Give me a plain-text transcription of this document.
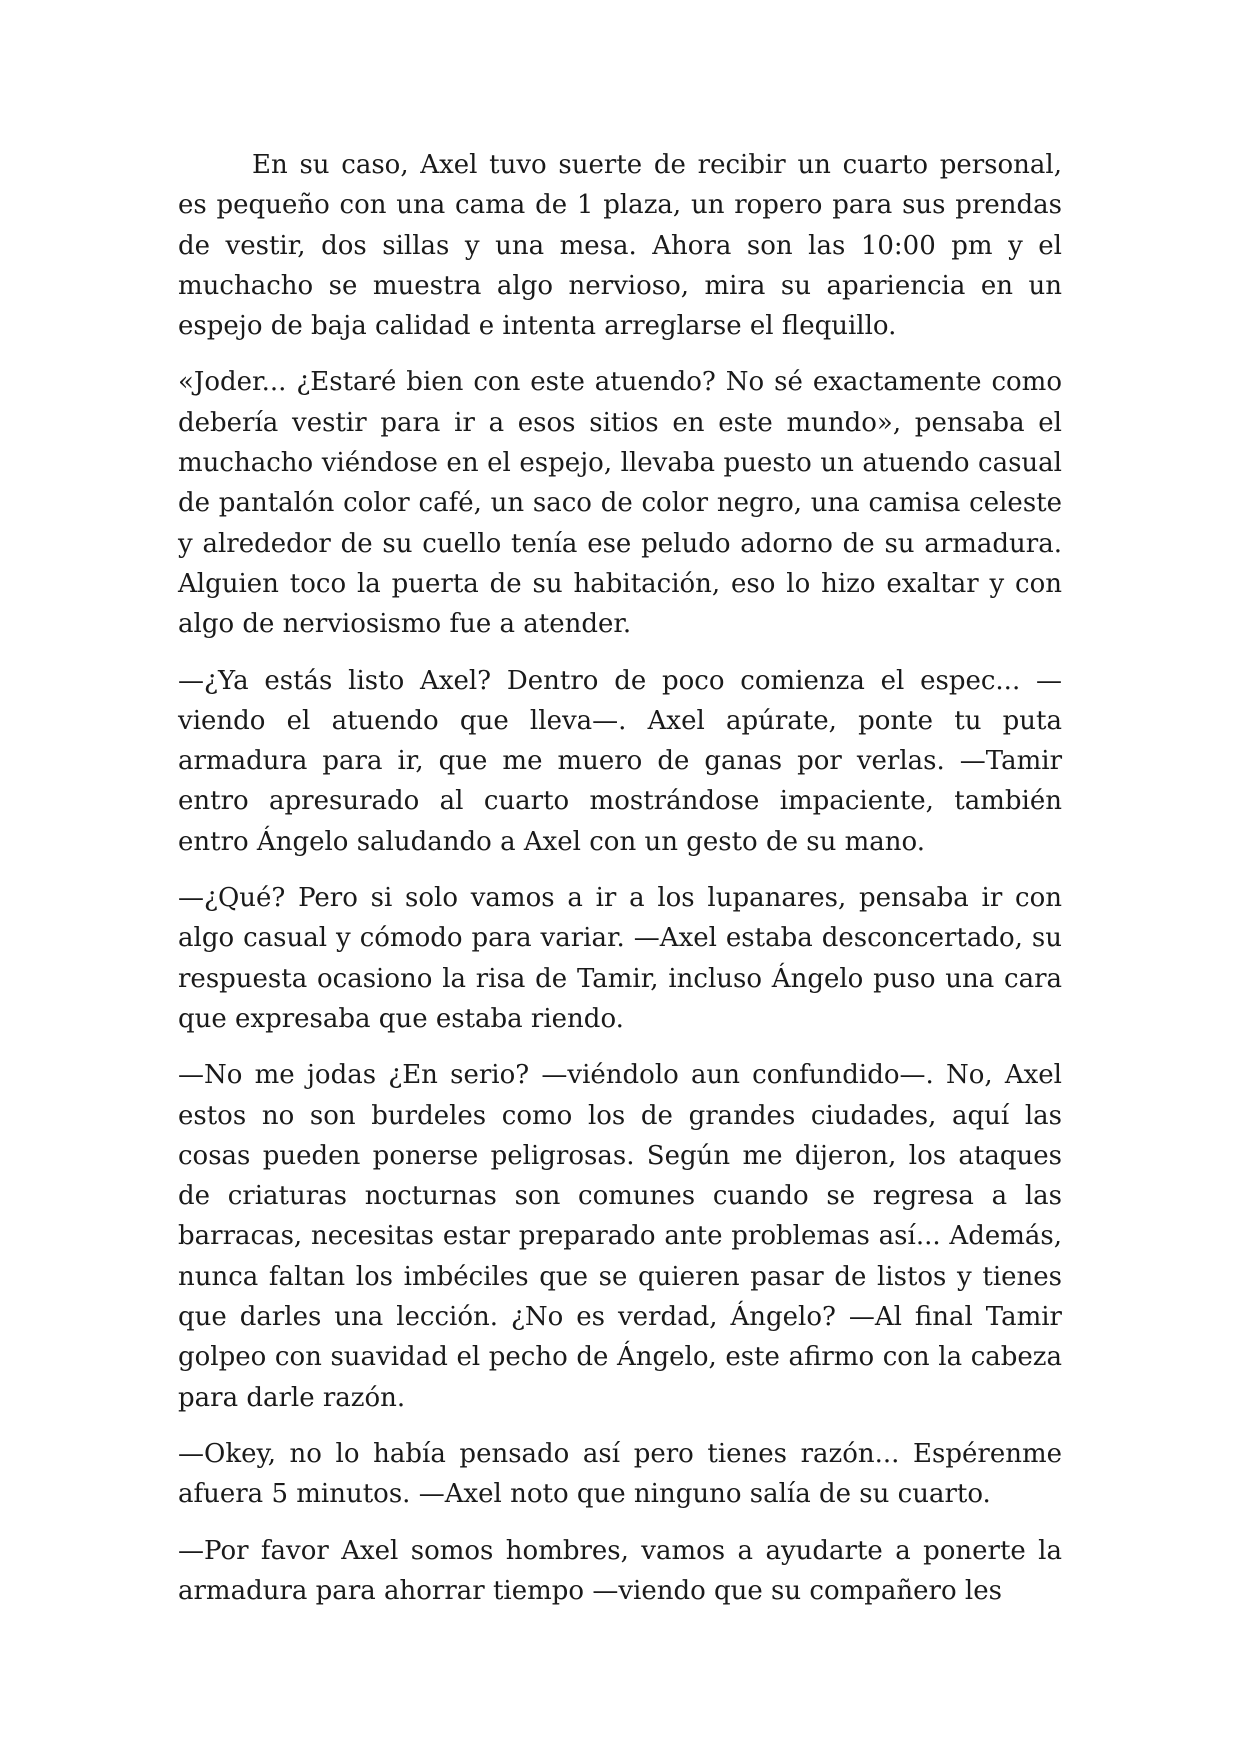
En su caso, Axel tuvo suerte de recibir un cuarto personal, es pequeño con una cama de 1 plaza, un ropero para sus prendas de vestir, dos sillas y una mesa. Ahora son las 10:00 pm y el muchacho se muestra algo nervioso, mira su apariencia en un espejo de baja calidad e intenta arreglarse el flequillo.

«Joder... ¿Estaré bien con este atuendo? No sé exactamente como debería vestir para ir a esos sitios en este mundo», pensaba el muchacho viéndose en el espejo, llevaba puesto un atuendo casual de pantalón color café, un saco de color negro, una camisa celeste y alrededor de su cuello tenía ese peludo adorno de su armadura. Alguien toco la puerta de su habitación, eso lo hizo exaltar y con algo de nerviosismo fue a atender.

—¿Ya estás listo Axel? Dentro de poco comienza el espec... —viendo el atuendo que lleva—. Axel apúrate, ponte tu puta armadura para ir, que me muero de ganas por verlas. —Tamir entro apresurado al cuarto mostrándose impaciente, también entro Ángelo saludando a Axel con un gesto de su mano.

—¿Qué? Pero si solo vamos a ir a los lupanares, pensaba ir con algo casual y cómodo para variar. —Axel estaba desconcertado, su respuesta ocasiono la risa de Tamir, incluso Ángelo puso una cara que expresaba que estaba riendo.

—No me jodas ¿En serio? —viéndolo aun confundido—. No, Axel estos no son burdeles como los de grandes ciudades, aquí las cosas pueden ponerse peligrosas. Según me dijeron, los ataques de criaturas nocturnas son comunes cuando se regresa a las barracas, necesitas estar preparado ante problemas así... Además, nunca faltan los imbéciles que se quieren pasar de listos y tienes que darles una lección. ¿No es verdad, Ángelo? —Al final Tamir golpeo con suavidad el pecho de Ángelo, este afirmo con la cabeza para darle razón.

—Okey, no lo había pensado así pero tienes razón... Espérenme afuera 5 minutos. —Axel noto que ninguno salía de su cuarto.

—Por favor Axel somos hombres, vamos a ayudarte a ponerte la armadura para ahorrar tiempo —viendo que su compañero les
